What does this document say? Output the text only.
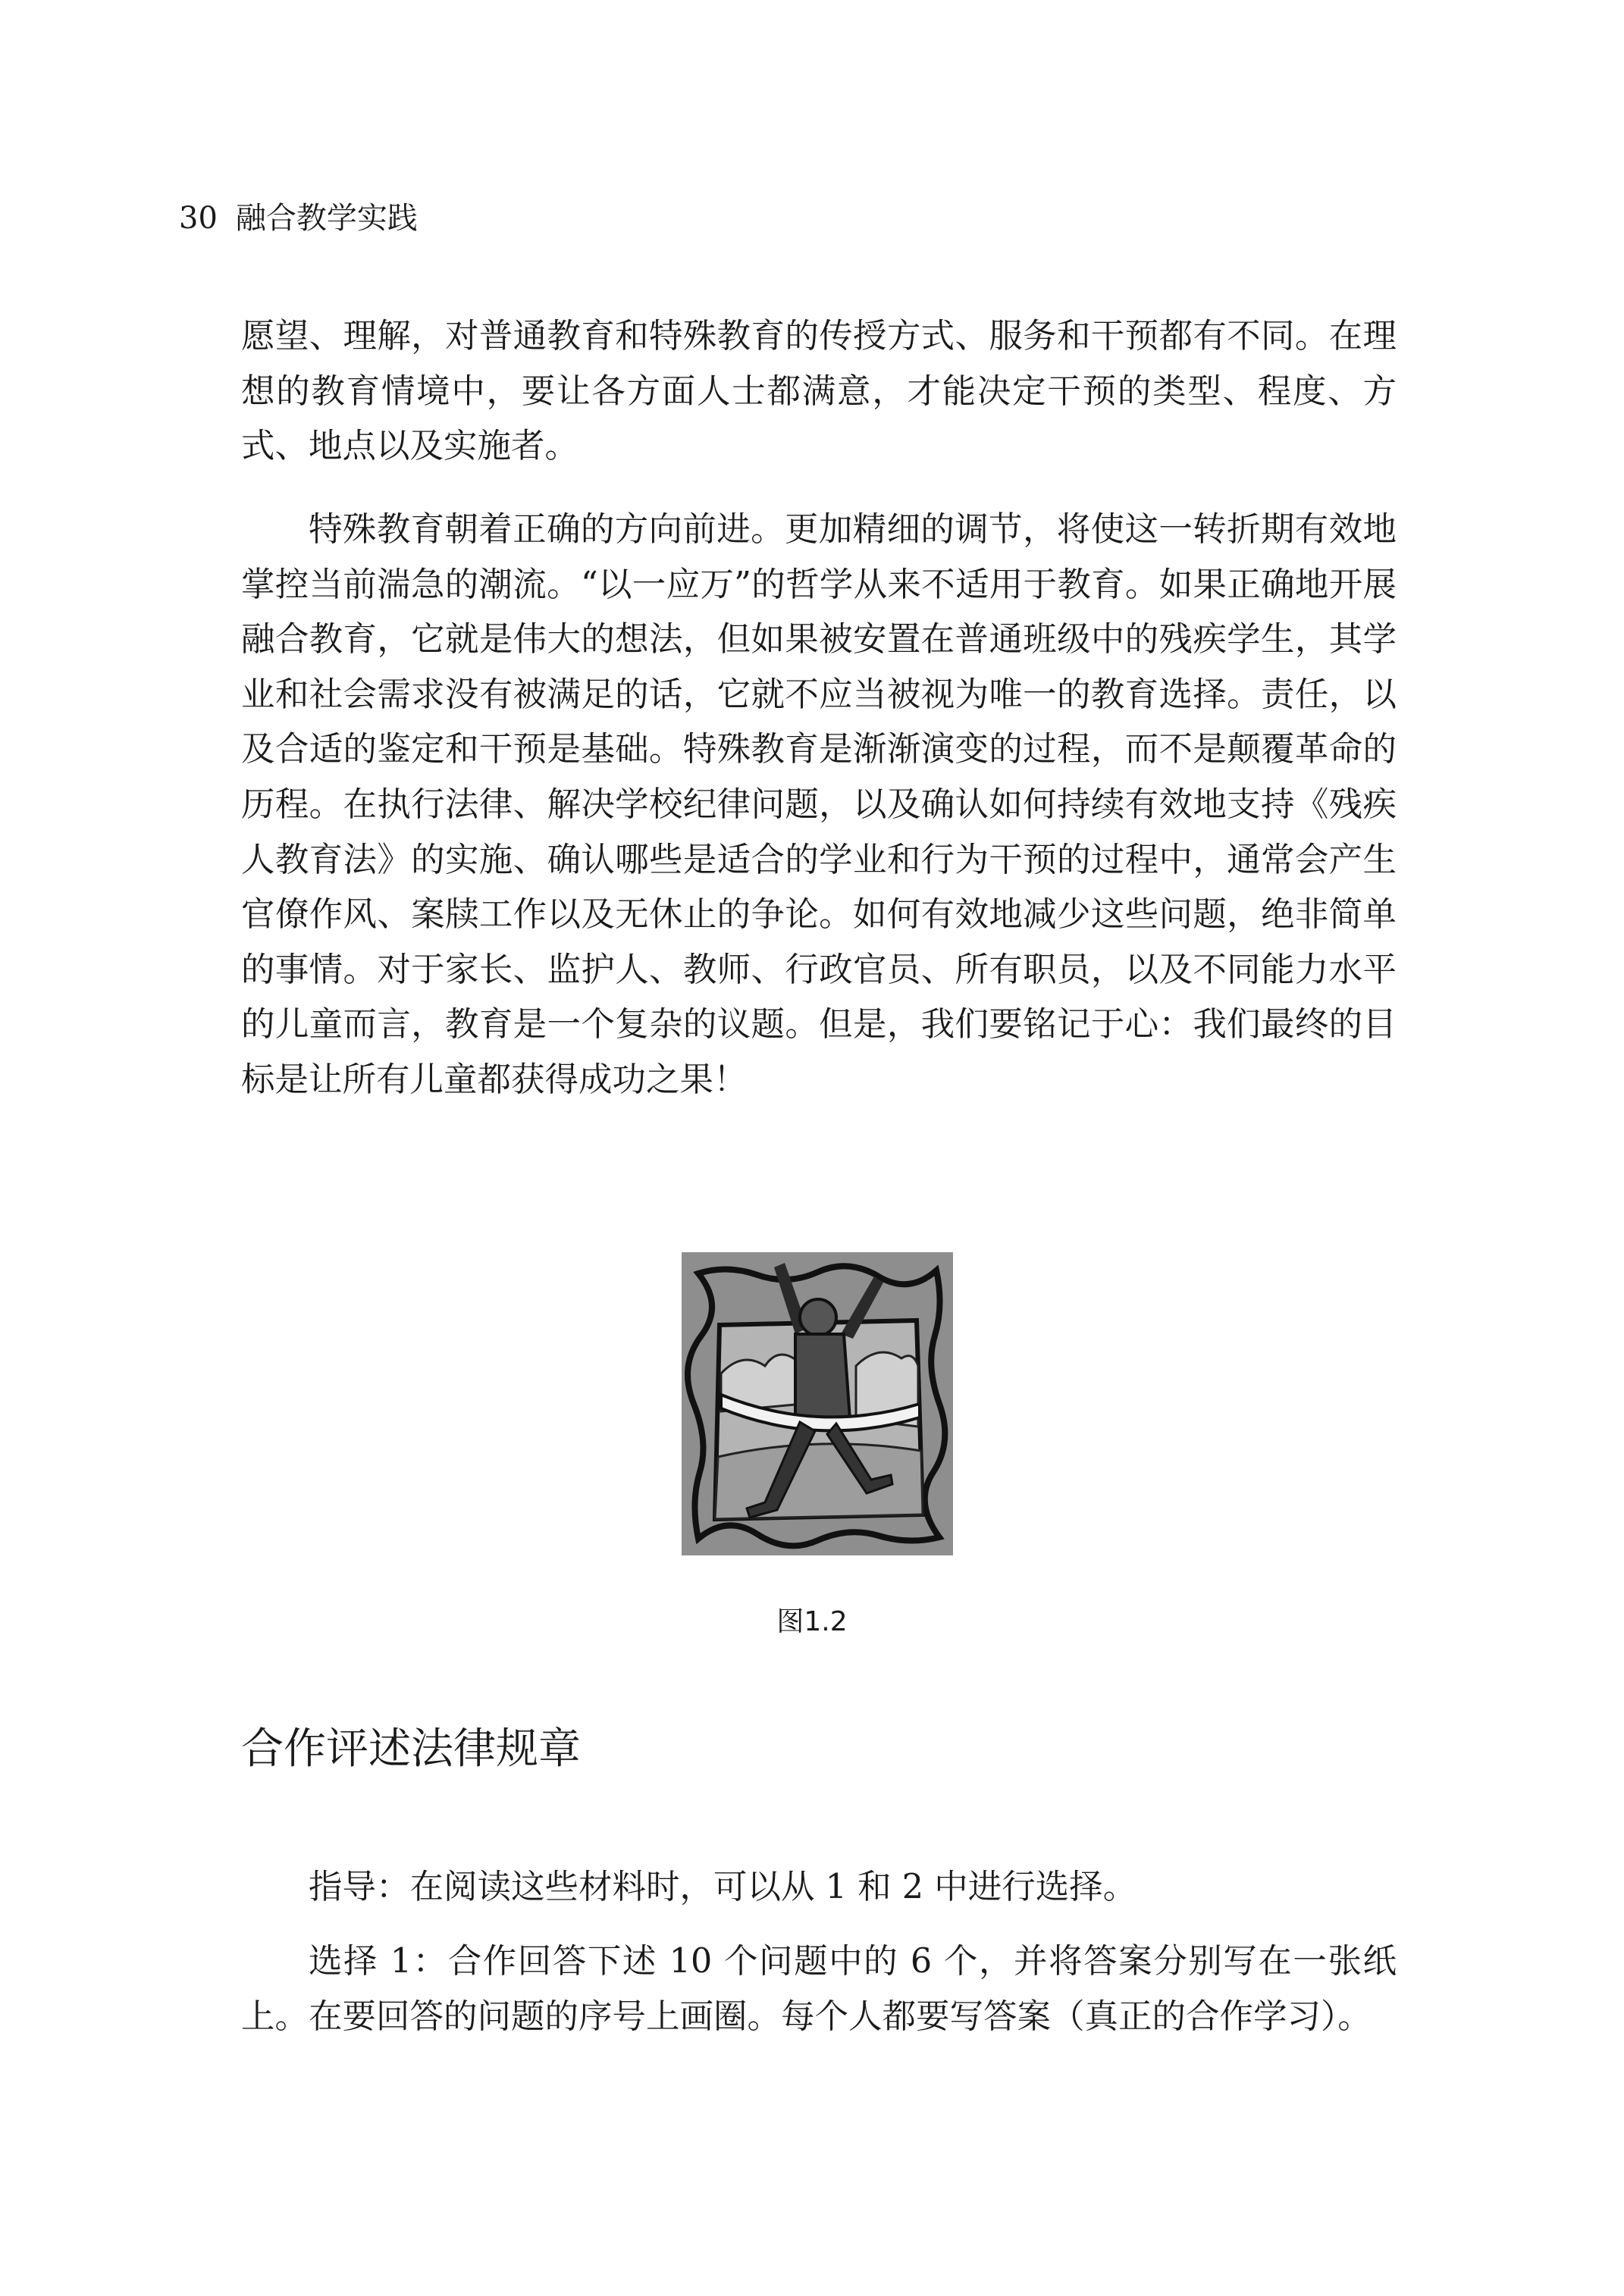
30 融合教学实践

愿望、理解，对普通教育和特殊教育的传授方式、服务和干预都有不同。在理想的教育情境中，要让各方面人士都满意，才能决定干预的类型、程度、方式、地点以及实施者。

特殊教育朝着正确的方向前进。更加精细的调节，将使这一转折期有效地掌控当前湍急的潮流。“以一应万”的哲学从来不适用于教育。如果正确地开展融合教育，它就是伟大的想法，但如果被安置在普通班级中的残疾学生，其学业和社会需求没有被满足的话，它就不应当被视为唯一的教育选择。责任，以及合适的鉴定和干预是基础。特殊教育是渐渐演变的过程，而不是颠覆革命的历程。在执行法律、解决学校纪律问题，以及确认如何持续有效地支持《残疾人教育法》的实施、确认哪些是适合的学业和行为干预的过程中，通常会产生官僚作风、案牍工作以及无休止的争论。如何有效地减少这些问题，绝非简单的事情。对于家长、监护人、教师、行政官员、所有职员，以及不同能力水平的儿童而言，教育是一个复杂的议题。但是，我们要铭记于心：我们最终的目标是让所有儿童都获得成功之果！

图1.2
合作评述法律规章

指导：在阅读这些材料时，可以从 1 和 2 中进行选择。

选择 1：合作回答下述 10 个问题中的 6 个，并将答案分别写在一张纸上。在要回答的问题的序号上画圈。每个人都要写答案（真正的合作学习）。
